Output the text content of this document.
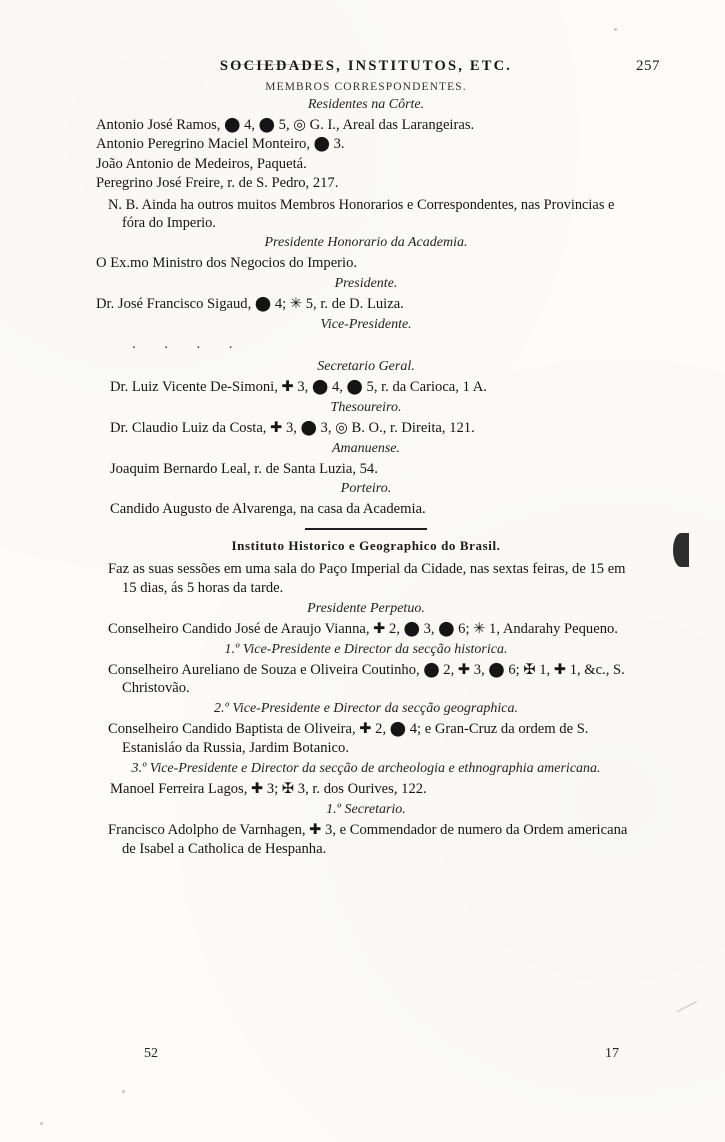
SOCIEDADES, INSTITUTOS, ETC.	257
MEMBROS CORRESPONDENTES.
Residentes na Côrte.
Antonio José Ramos, ⬤ 4, ⬤ 5, ◎ G. I., Areal das Larangeiras.
Antonio Peregrino Maciel Monteiro, ⬤ 3.
João Antonio de Medeiros, Paquetá.
Peregrino José Freire, r. de S. Pedro, 217.
N. B. Ainda ha outros muitos Membros Honorarios e Correspondentes, nas Provincias e fóra do Imperio.
Presidente Honorario da Academia.
O Ex.mo Ministro dos Negocios do Imperio.
Presidente.
Dr. José Francisco Sigaud, ⬤ 4; ✳ 5, r. de D. Luiza.
Vice-Presidente.
.  .  .  .
Secretario Geral.
Dr. Luiz Vicente De-Simoni, ✚ 3, ⬤ 4, ⬤ 5, r. da Carioca, 1 A.
Thesoureiro.
Dr. Claudio Luiz da Costa, ✚ 3, ⬤ 3, ◎ B. O., r. Direita, 121.
Amanuense.
Joaquim Bernardo Leal, r. de Santa Luzia, 54.
Porteiro.
Candido Augusto de Alvarenga, na casa da Academia.
Instituto Historico e Geographico do Brasil.
Faz as suas sessões em uma sala do Paço Imperial da Cidade, nas sextas feiras, de 15 em 15 dias, ás 5 horas da tarde.
Presidente Perpetuo.
Conselheiro Candido José de Araujo Vianna, ✚ 2, ⬤ 3, ⬤ 6; ✳ 1, Andarahy Pequeno.
1.º Vice-Presidente e Director da secção historica.
Conselheiro Aureliano de Souza e Oliveira Coutinho, ⬤ 2, ✚ 3, ⬤ 6; ✠ 1, ✚ 1, &c., S. Christovão.
2.º Vice-Presidente e Director da secção geographica.
Conselheiro Candido Baptista de Oliveira, ✚ 2, ⬤ 4; e Gran-Cruz da ordem de S. Estanisláo da Russia, Jardim Botanico.
3.º Vice-Presidente e Director da secção de archeologia e ethnographia americana.
Manoel Ferreira Lagos, ✚ 3; ✠ 3, r. dos Ourives, 122.
1.º Secretario.
Francisco Adolpho de Varnhagen, ✚ 3, e Commendador de numero da Ordem americana de Isabel a Catholica de Hespanha.
52	17
